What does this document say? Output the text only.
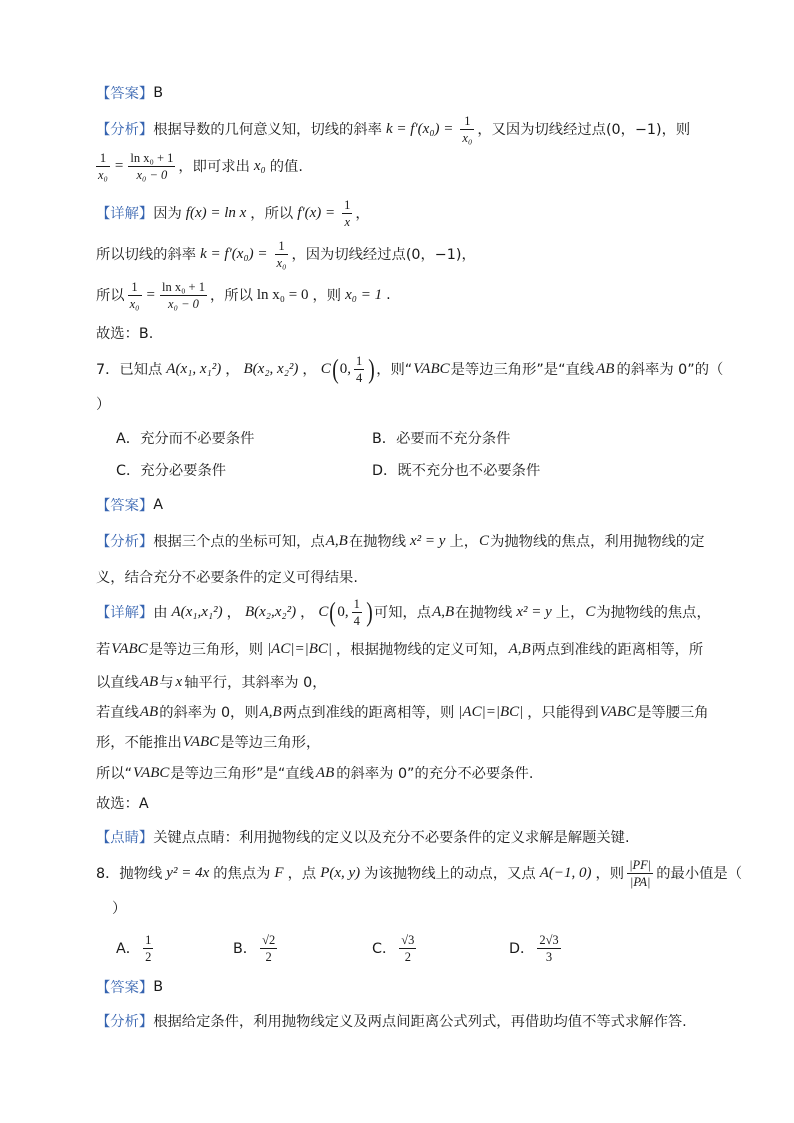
【答案】 B
【分析】 根据导数的几何意义知，切线的斜率 $k = f'(x_0) = \frac{1}{\text{x₀}}$ ，又因为切线经过点(0，−1)，则
$\frac{1}{\text{x₀}} = \frac{\text{ln x₀ + 1}}{\text{x₀ − 0}}$ ，即可求出 x₀ 的值.
【详解】 因为 f(x) = ln x ，所以 $f'(x) = \frac{1}{x}$ ，
所以切线的斜率 $k = f'(x_0) = \frac{1}{\text{x₀}}$ ，因为切线经过点(0，−1)，
所以 $\frac{1}{\text{x₀}} = \frac{\text{ln x₀ + 1}}{\text{x₀ − 0}}$ ，所以 ln x₀ = 0 ，则 x₀ = 1 .
故选：B.
7． 已知点 A(x₁, x₁²) ， B(x₂, x₂²) ， C ( 0, $\frac{1}{4}$ ) ，则“ VABC 是等边三角形”是“直线 AB 的斜率为 0”的（
）
A． 充分而不必要条件	B． 必要而不充分条件
C． 充分必要条件	D． 既不充分也不必要条件
【答案】 A
【分析】 根据三个点的坐标可知，点 A,B 在抛物线 x² = y 上， C 为抛物线的焦点，利用抛物线的定
义，结合充分不必要条件的定义可得结果.
【详解】 由 A(x₁,x₁²) ， B(x₂,x₂²) ， C ( 0, $\frac{1}{4}$ ) 可知，点 A,B 在抛物线 x² = y 上， C 为抛物线的焦点，
若 VABC 是等边三角形，则 |AC|=|BC| ，根据抛物线的定义可知， A,B 两点到准线的距离相等，所
以直线 AB 与 x 轴平行，其斜率为 0，
若直线 AB 的斜率为 0，则 A,B 两点到准线的距离相等，则 |AC|=|BC| ，只能得到 VABC 是等腰三角
形，不能推出 VABC 是等边三角形，
所以“ VABC 是等边三角形”是“直线 AB 的斜率为 0”的充分不必要条件.
故选：A
【点睛】 关键点点睛：利用抛物线的定义以及充分不必要条件的定义求解是解题关键.
8． 抛物线 y² = 4x 的焦点为 F ，点 P(x, y) 为该抛物线上的动点，又点 A(−1, 0) ，则 $\frac{|PF|}{|PA|}$ 的最小值是（
）
A． $\frac{1}{2}$	B． $\frac{√2}{2}$	C． $\frac{√3}{2}$	D． $\frac{2√3}{3}$
【答案】 B
【分析】 根据给定条件，利用抛物线定义及两点间距离公式列式，再借助均值不等式求解作答.
